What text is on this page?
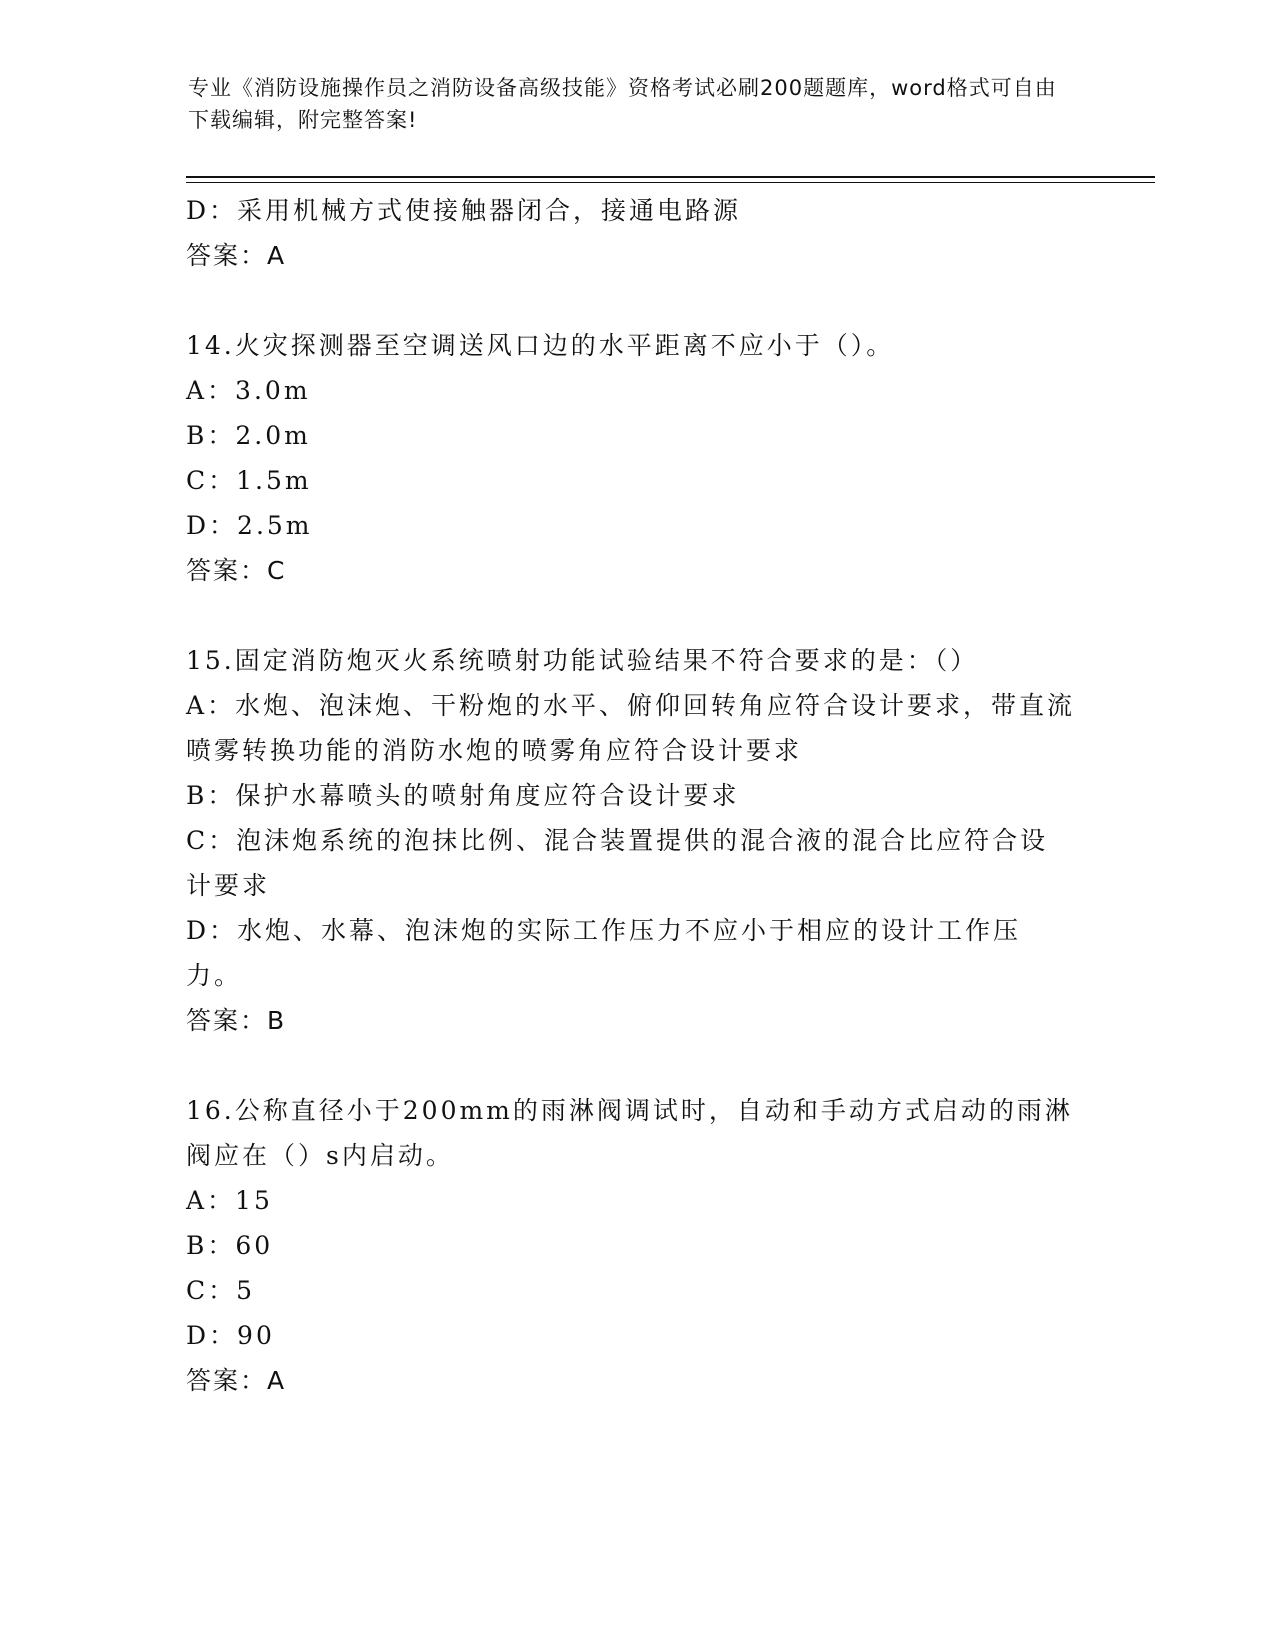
专业《消防设施操作员之消防设备高级技能》资格考试必刷200题题库，word格式可自由下载编辑，附完整答案!
D：采用机械方式使接触器闭合，接通电路源
答案：A
14.火灾探测器至空调送风口边的水平距离不应小于（）。
A：3.0m
B：2.0m
C：1.5m
D：2.5m
答案：C
15.固定消防炮灭火系统喷射功能试验结果不符合要求的是：（）
A：水炮、泡沫炮、干粉炮的水平、俯仰回转角应符合设计要求，带直流喷雾转换功能的消防水炮的喷雾角应符合设计要求
B：保护水幕喷头的喷射角度应符合设计要求
C：泡沫炮系统的泡抹比例、混合装置提供的混合液的混合比应符合设计要求
D：水炮、水幕、泡沫炮的实际工作压力不应小于相应的设计工作压力。
答案：B
16.公称直径小于200mm的雨淋阀调试时，自动和手动方式启动的雨淋阀应在（）s内启动。
A：15
B：60
C：5
D：90
答案：A
